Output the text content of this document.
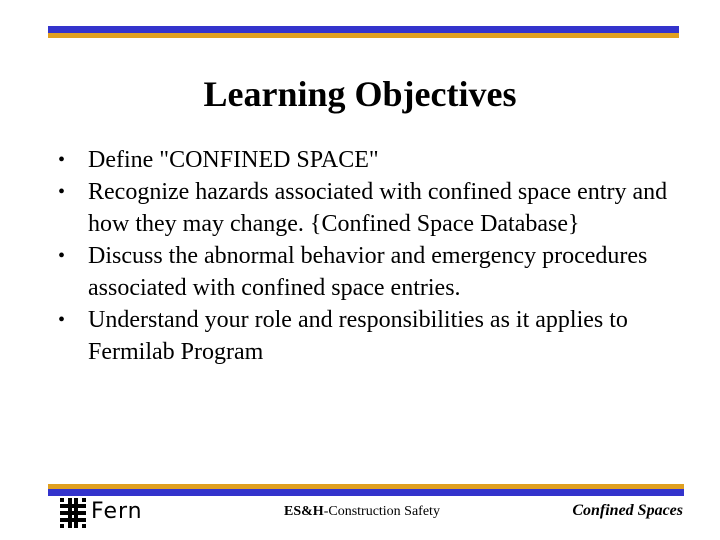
Learning Objectives
• Define "CONFINED SPACE"
• Recognize hazards associated with confined space entry and how they may change. {Confined Space Database}
• Discuss the abnormal behavior and emergency procedures associated with confined space entries.
• Understand your role and responsibilities as it applies to Fermilab Program
Fern	ES&H-Construction Safety	Confined Spaces
